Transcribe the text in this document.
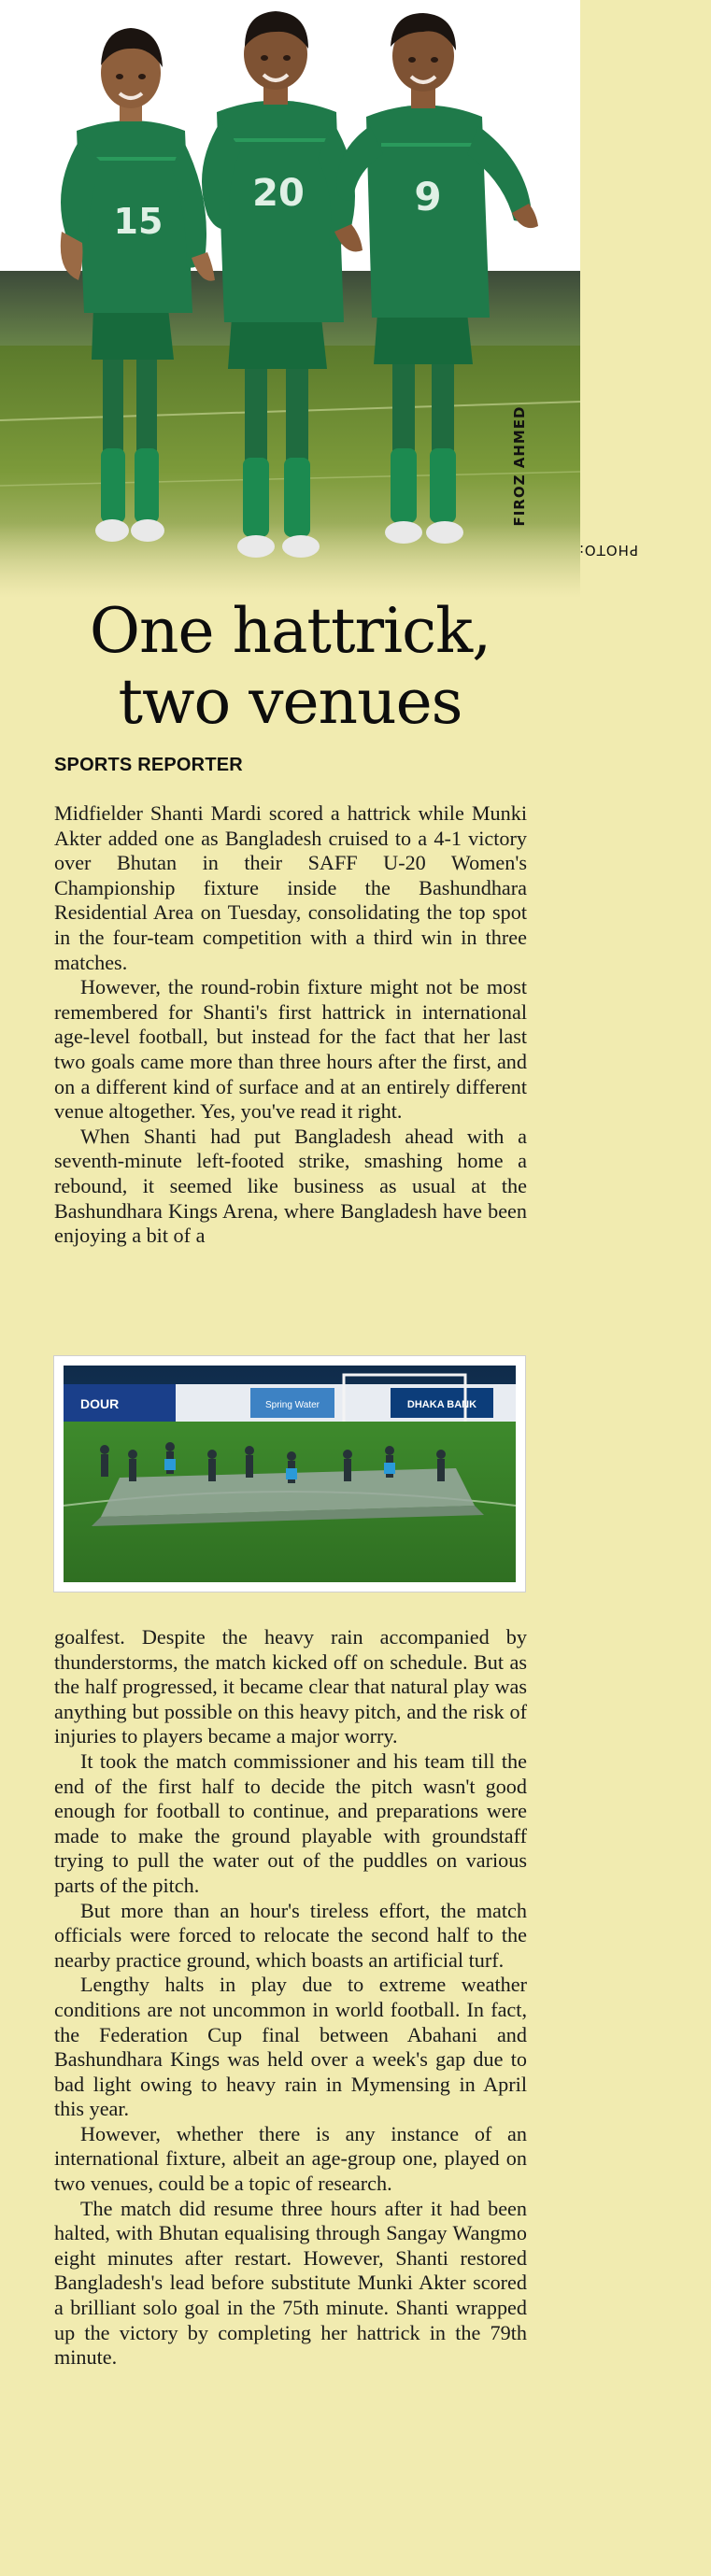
15
20	9
PHOTO:
FIROZ AHMED
One hattrick,
two venues
SPORTS REPORTER

Midfielder Shanti Mardi scored a hattrick while Munki Akter added one as Bangladesh cruised to a 4-1 victory over Bhutan in their SAFF U-20 Women's Championship fixture inside the Bashundhara Residential Area on Tuesday, consolidating the top spot in the four-team competition with a third win in three matches.

However, the round-robin fixture might not be most remembered for Shanti's first hattrick in international age-level football, but instead for the fact that her last two goals came more than three hours after the first, and on a different kind of surface and at an entirely different venue altogether. Yes, you've read it right.

When Shanti had put Bangladesh ahead with a seventh-minute left-footed strike, smashing home a rebound, it seemed like business as usual at the Bashundhara Kings Arena, where Bangladesh have been enjoying a bit of a

DOUR	Spring Water	DHAKA BANK

goalfest. Despite the heavy rain accompanied by thunderstorms, the match kicked off on schedule. But as the half progressed, it became clear that natural play was anything but possible on this heavy pitch, and the risk of injuries to players became a major worry.

It took the match commissioner and his team till the end of the first half to decide the pitch wasn't good enough for football to continue, and preparations were made to make the ground playable with groundstaff trying to pull the water out of the puddles on various parts of the pitch.

But more than an hour's tireless effort, the match officials were forced to relocate the second half to the nearby practice ground, which boasts an artificial turf.

Lengthy halts in play due to extreme weather conditions are not uncommon in world football. In fact, the Federation Cup final between Abahani and Bashundhara Kings was held over a week's gap due to bad light owing to heavy rain in Mymensing in April this year.

However, whether there is any instance of an international fixture, albeit an age-group one, played on two venues, could be a topic of research.

The match did resume three hours after it had been halted, with Bhutan equalising through Sangay Wangmo eight minutes after restart. However, Shanti restored Bangladesh's lead before substitute Munki Akter scored a brilliant solo goal in the 75th minute. Shanti wrapped up the victory by completing her hattrick in the 79th minute.
